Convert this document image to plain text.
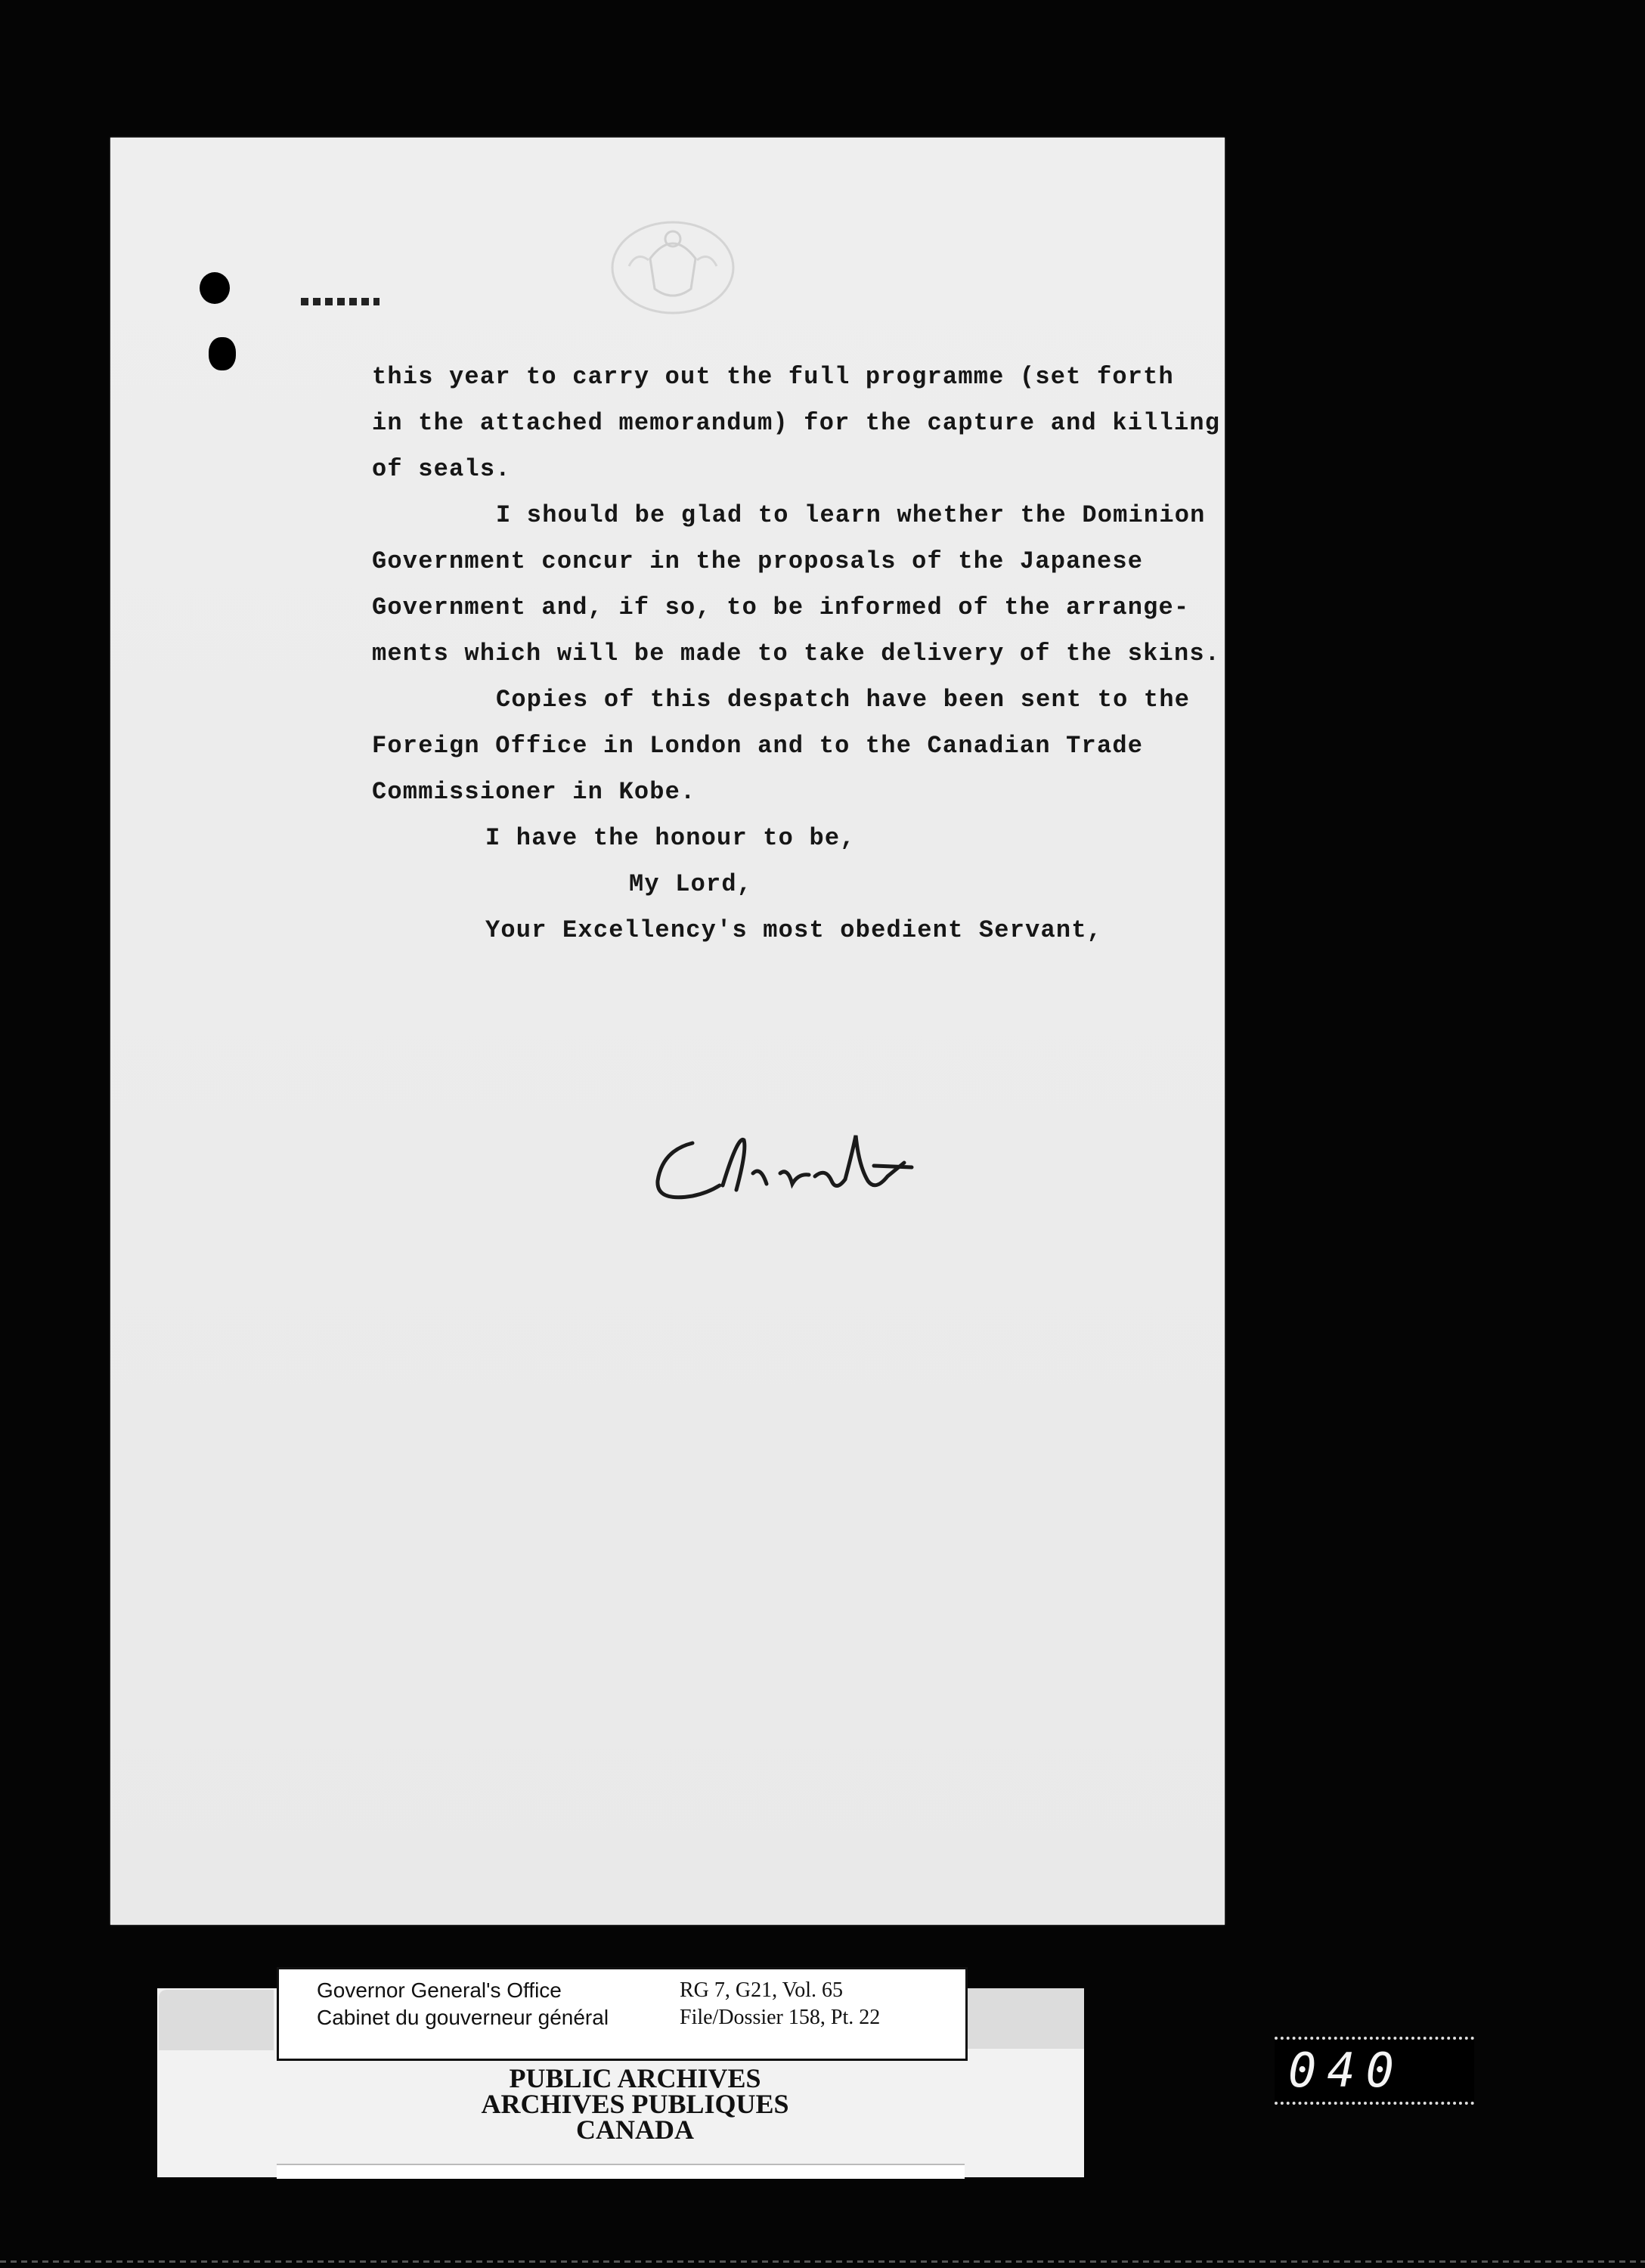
this year to carry out the full programme (set forth

in the attached memorandum) for the capture and killing

of seals.

I should be glad to learn whether the Dominion

Government concur in the proposals of the Japanese

Government and, if so, to be informed of the arrange-

ments which will be made to take delivery of the skins.

Copies of this despatch have been sent to the

Foreign Office in London and to the Canadian Trade

Commissioner in Kobe.

I have the honour to be,

My Lord,

Your Excellency's most obedient Servant,

Governor General's Office
Cabinet du gouverneur général
RG 7, G21, Vol. 65
File/Dossier 158, Pt. 22
PUBLIC ARCHIVES
ARCHIVES PUBLIQUES
CANADA
040
